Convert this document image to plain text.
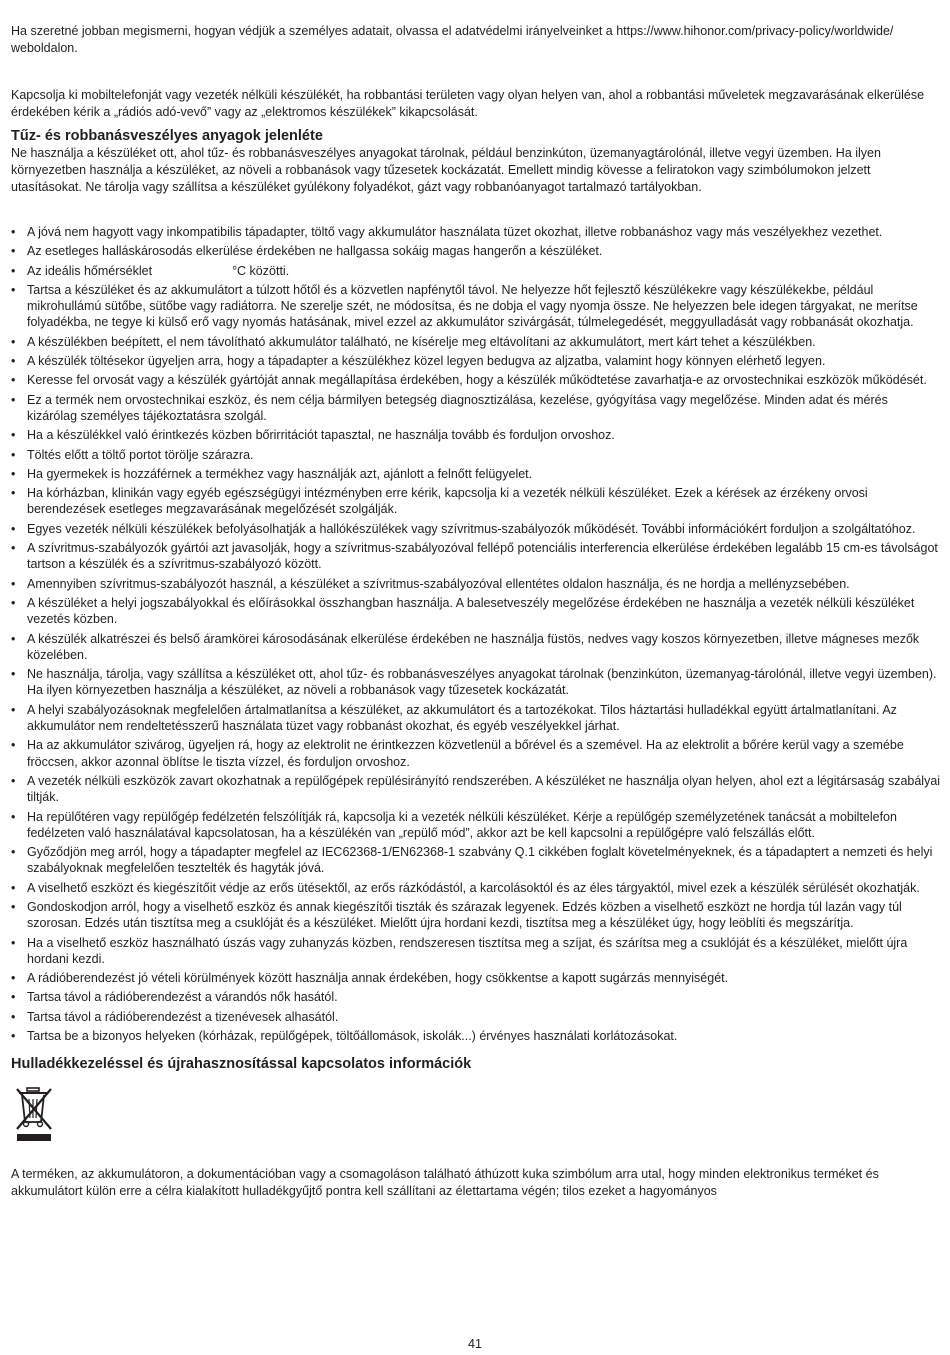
Ha szeretné jobban megismerni, hogyan védjük a személyes adatait, olvassa el adatvédelmi irányelveinket a https://www.hihonor.com/privacy-policy/worldwide/ weboldalon.

Kapcsolja ki mobiltelefonját vagy vezeték nélküli készülékét, ha robbantási területen vagy olyan helyen van, ahol a robbantási műveletek megzavarásának elkerülése érdekében kérik a „rádiós adó-vevő” vagy az „elektromos készülékek” kikapcsolását.

Tűz- és robbanásveszélyes anyagok jelenléte

Ne használja a készüléket ott, ahol tűz- és robbanásveszélyes anyagokat tárolnak, például benzinkúton, üzemanyagtárolónál, illetve vegyi üzemben. Ha ilyen környezetben használja a készüléket, az növeli a robbanások vagy tűzesetek kockázatát. Emellett mindig kövesse a feliratokon vagy szimbólumokon jelzett utasításokat. Ne tárolja vagy szállítsa a készüléket gyúlékony folyadékot, gázt vagy robbanóanyagot tartalmazó tartályokban.

• A jóvá nem hagyott vagy inkompatibilis tápadapter, töltő vagy akkumulátor használata tüzet okozhat, illetve robbanáshoz vagy más veszélyekhez vezethet.
• Az esetleges halláskárosodás elkerülése érdekében ne hallgassa sokáig magas hangerőn a készüléket.
• Az ideális hőmérséklet	°C közötti.
• Tartsa a készüléket és az akkumulátort a túlzott hőtől és a közvetlen napfénytől távol. Ne helyezze hőt fejlesztő készülékekre vagy készülékekbe, például mikrohullámú sütőbe, sütőbe vagy radiátorra. Ne szerelje szét, ne módosítsa, és ne dobja el vagy nyomja össze. Ne helyezzen bele idegen tárgyakat, ne merítse folyadékba, ne tegye ki külső erő vagy nyomás hatásának, mivel ezzel az akkumulátor szivárgását, túlmelegedését, meggyulladását vagy robbanását okozhatja.
• A készülékben beépített, el nem távolítható akkumulátor található, ne kísérelje meg eltávolítani az akkumulátort, mert kárt tehet a készülékben.
• A készülék töltésekor ügyeljen arra, hogy a tápadapter a készülékhez közel legyen bedugva az aljzatba, valamint hogy könnyen elérhető legyen.
• Keresse fel orvosát vagy a készülék gyártóját annak megállapítása érdekében, hogy a készülék működtetése zavarhatja-e az orvostechnikai eszközök működését.
• Ez a termék nem orvostechnikai eszköz, és nem célja bármilyen betegség diagnosztizálása, kezelése, gyógyítása vagy megelőzése. Minden adat és mérés kizárólag személyes tájékoztatásra szolgál.
• Ha a készülékkel való érintkezés közben bőrirritációt tapasztal, ne használja tovább és forduljon orvoshoz.
• Töltés előtt a töltő portot törölje szárazra.
• Ha gyermekek is hozzáférnek a termékhez vagy használják azt, ajánlott a felnőtt felügyelet.
• Ha kórházban, klinikán vagy egyéb egészségügyi intézményben erre kérik, kapcsolja ki a vezeték nélküli készüléket. Ezek a kérések az érzékeny orvosi berendezések esetleges megzavarásának megelőzését szolgálják.
• Egyes vezeték nélküli készülékek befolyásolhatják a hallókészülékek vagy szívritmus-szabályozók működését. További információkért forduljon a szolgáltatóhoz.
• A szívritmus-szabályozók gyártói azt javasolják, hogy a szívritmus-szabályozóval fellépő potenciális interferencia elkerülése érdekében legalább 15 cm-es távolságot tartson a készülék és a szívritmus-szabályozó között.
• Amennyiben szívritmus-szabályozót használ, a készüléket a szívritmus-szabályozóval ellentétes oldalon használja, és ne hordja a mellényzsebében.
• A készüléket a helyi jogszabályokkal és előírásokkal összhangban használja. A balesetveszély megelőzése érdekében ne használja a vezeték nélküli készüléket vezetés közben.
• A készülék alkatrészei és belső áramkörei károsodásának elkerülése érdekében ne használja füstös, nedves vagy koszos környezetben, illetve mágneses mezők közelében.
• Ne használja, tárolja, vagy szállítsa a készüléket ott, ahol tűz- és robbanásveszélyes anyagokat tárolnak (benzinkúton, üzemanyag-tárolónál, illetve vegyi üzemben). Ha ilyen környezetben használja a készüléket, az növeli a robbanások vagy tűzesetek kockázatát.
• A helyi szabályozásoknak megfelelően ártalmatlanítsa a készüléket, az akkumulátort és a tartozékokat. Tilos háztartási hulladékkal együtt ártalmatlanítani. Az akkumulátor nem rendeltetésszerű használata tüzet vagy robbanást okozhat, és egyéb veszélyekkel járhat.
• Ha az akkumulátor szivárog, ügyeljen rá, hogy az elektrolit ne érintkezzen közvetlenül a bőrével és a szemével. Ha az elektrolit a bőrére kerül vagy a szemébe fröccsen, akkor azonnal öblítse le tiszta vízzel, és forduljon orvoshoz.
• A vezeték nélküli eszközök zavart okozhatnak a repülőgépek repülésirányító rendszerében. A készüléket ne használja olyan helyen, ahol ezt a légitársaság szabályai tiltják.
• Ha repülőtéren vagy repülőgép fedélzetén felszólítják rá, kapcsolja ki a vezeték nélküli készüléket. Kérje a repülőgép személyzetének tanácsát a mobiltelefon fedélzeten való használatával kapcsolatosan, ha a készülékén van „repülő mód”, akkor azt be kell kapcsolni a repülőgépre való felszállás előtt.
• Győződjön meg arról, hogy a tápadapter megfelel az IEC62368-1/EN62368-1 szabvány Q.1 cikkében foglalt követelményeknek, és a tápadaptert a nemzeti és helyi szabályoknak megfelelően tesztelték és hagyták jóvá.
• A viselhető eszközt és kiegészítőit védje az erős ütésektől, az erős rázkódástól, a karcolásoktól és az éles tárgyaktól, mivel ezek a készülék sérülését okozhatják.
• Gondoskodjon arról, hogy a viselhető eszköz és annak kiegészítői tiszták és szárazak legyenek. Edzés közben a viselhető eszközt ne hordja túl lazán vagy túl szorosan. Edzés után tisztítsa meg a csuklóját és a készüléket. Mielőtt újra hordani kezdi, tisztítsa meg a készüléket úgy, hogy leöblíti és megszárítja.
• Ha a viselhető eszköz használható úszás vagy zuhanyzás közben, rendszeresen tisztítsa meg a szíjat, és szárítsa meg a csuklóját és a készüléket, mielőtt újra hordani kezdi.
• A rádióberendezést jó vételi körülmények között használja annak érdekében, hogy csökkentse a kapott sugárzás mennyiségét.
• Tartsa távol a rádióberendezést a várandós nők hasától.
• Tartsa távol a rádióberendezést a tizenévesek alhasától.
• Tartsa be a bizonyos helyeken (kórházak, repülőgépek, töltőállomások, iskolák...) érvényes használati korlátozásokat.
Hulladékkezeléssel és újrahasznosítással kapcsolatos információk

A terméken, az akkumulátoron, a dokumentációban vagy a csomagoláson található áthúzott kuka szimbólum arra utal, hogy minden elektronikus terméket és akkumulátort külön erre a célra kialakított hulladékgyűjtő pontra kell szállítani az élettartama végén; tilos ezeket a hagyományos

41
